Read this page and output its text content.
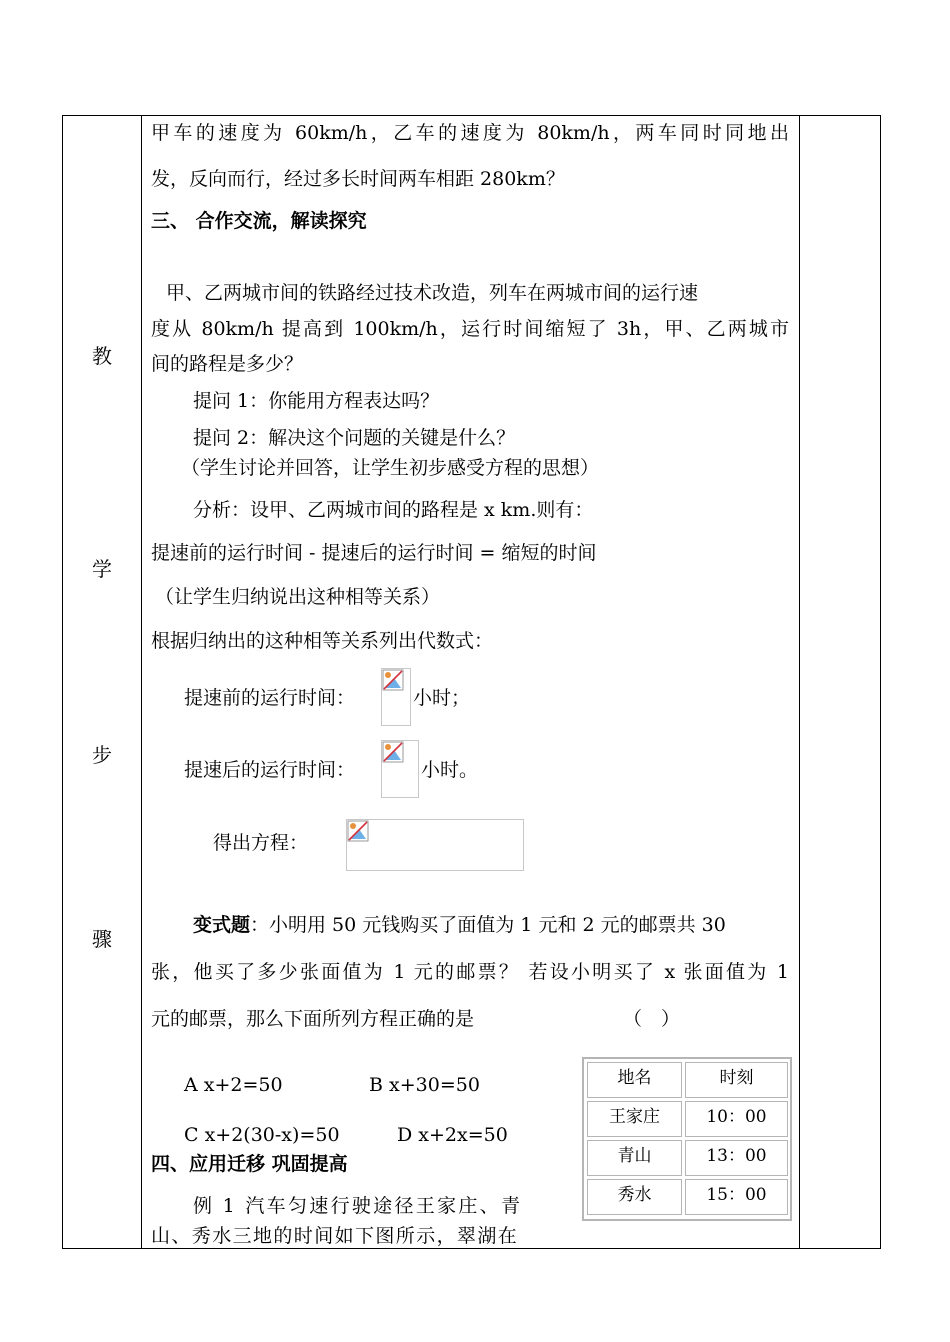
教
学
步
骤
甲车的速度为 60km/h，乙车的速度为 80km/h，两车同时同地出
发，反向而行，经过多长时间两车相距 280km？
三、 合作交流，解读探究
甲、乙两城市间的铁路经过技术改造，列车在两城市间的运行速
度从 80km/h 提高到 100km/h，运行时间缩短了 3h，甲、乙两城市
间的路程是多少？
提问 1：你能用方程表达吗？
提问 2：解决这个问题的关键是什么？
（学生讨论并回答，让学生初步感受方程的思想）
分析：设甲、乙两城市间的路程是 x km.则有：
提速前的运行时间 - 提速后的运行时间 = 缩短的时间
（让学生归纳说出这种相等关系）
根据归纳出的这种相等关系列出代数式：
提速前的运行时间：	小时；
提速后的运行时间：	小时。
得出方程：
变式题：小明用 50 元钱购买了面值为 1 元和 2 元的邮票共 30
张，他买了多少张面值为 1 元的邮票？ 若设小明买了 x 张面值为 1
元的邮票，那么下面所列方程正确的是	（　）
A x+2=50	B x+30=50
C x+2(30-x)=50	D x+2x=50
四、应用迁移 巩固提高
例 1 汽车匀速行驶途径王家庄、青
山、秀水三地的时间如下图所示，翠湖在
地名	时刻
王家庄	10：00
青山	13：00
秀水	15：00
